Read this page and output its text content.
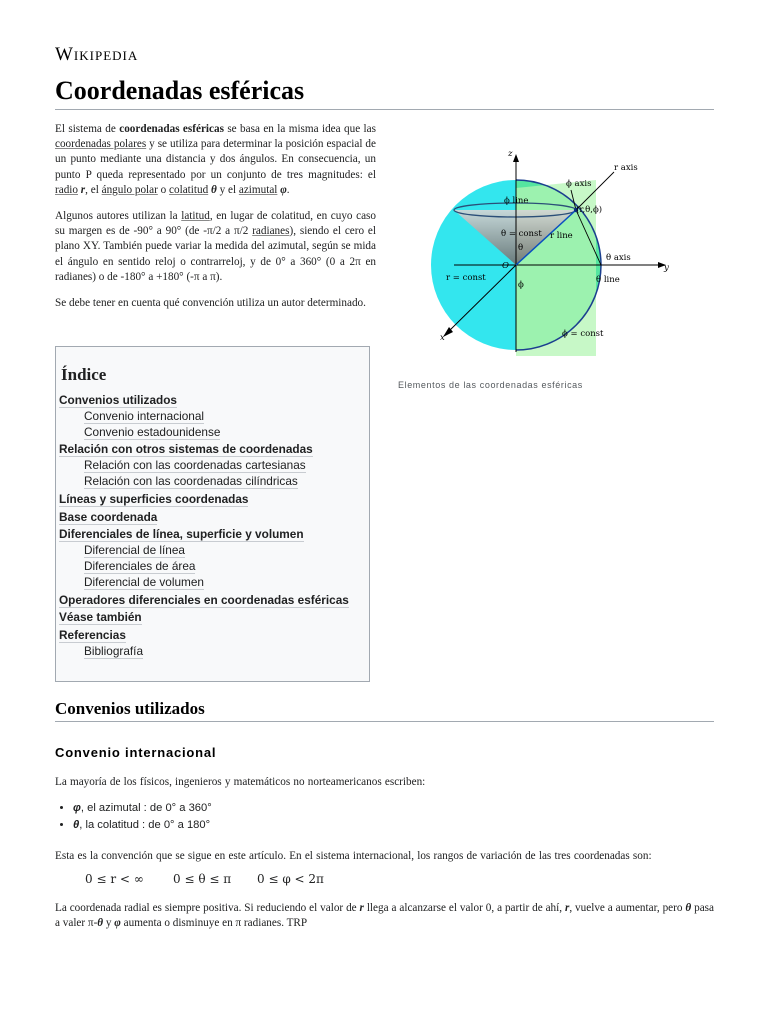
Wikipedia
Coordenadas esféricas

El sistema de coordenadas esféricas se basa en la misma idea que las coordenadas polares y se utiliza para determinar la posición espacial de un punto mediante una distancia y dos ángulos. En consecuencia, un punto P queda representado por un conjunto de tres magnitudes: el radio r, el ángulo polar o colatitud θ y el azimutal φ.

Algunos autores utilizan la latitud, en lugar de colatitud, en cuyo caso su margen es de -90° a 90° (de -π/2 a π/2 radianes), siendo el cero el plano XY. También puede variar la medida del azimutal, según se mida el ángulo en sentido reloj o contrarreloj, y de 0° a 360° (0 a 2π en radianes) o de -180° a +180° (-π a π).

Se debe tener en cuenta qué convención utiliza un autor determinado.

Índice
Convenios utilizados
Convenio internacional
Convenio estadounidense
Relación con otros sistemas de coordenadas
Relación con las coordenadas cartesianas
Relación con las coordenadas cilíndricas
Líneas y superficies coordenadas
Base coordenada
Diferenciales de línea, superficie y volumen
Diferencial de línea
Diferenciales de área
Diferencial de volumen
Operadores diferenciales en coordenadas esféricas
Véase también
Referencias
Bibliografía
z
y
x
O
r axis
ϕ axis
(r,θ,ϕ)
ϕ line
r line
θ = const
θ axis
θ line
r = const
ϕ = const
θ
ϕ
Elementos de las coordenadas esféricas
Convenios utilizados
Convenio internacional

La mayoría de los físicos, ingenieros y matemáticos no norteamericanos escriben:

• φ, el azimutal : de 0° a 360°
• θ, la colatitud : de 0° a 180°

Esta es la convención que se sigue en este artículo. En el sistema internacional, los rangos de variación de las tres coordenadas son:

0 ≤ r < ∞ 0 ≤ θ ≤ π 0 ≤ φ < 2π

La coordenada radial es siempre positiva. Si reduciendo el valor de r llega a alcanzarse el valor 0, a partir de ahí, r, vuelve a aumentar, pero θ pasa a valer π-θ y φ aumenta o disminuye en π radianes. TRP
